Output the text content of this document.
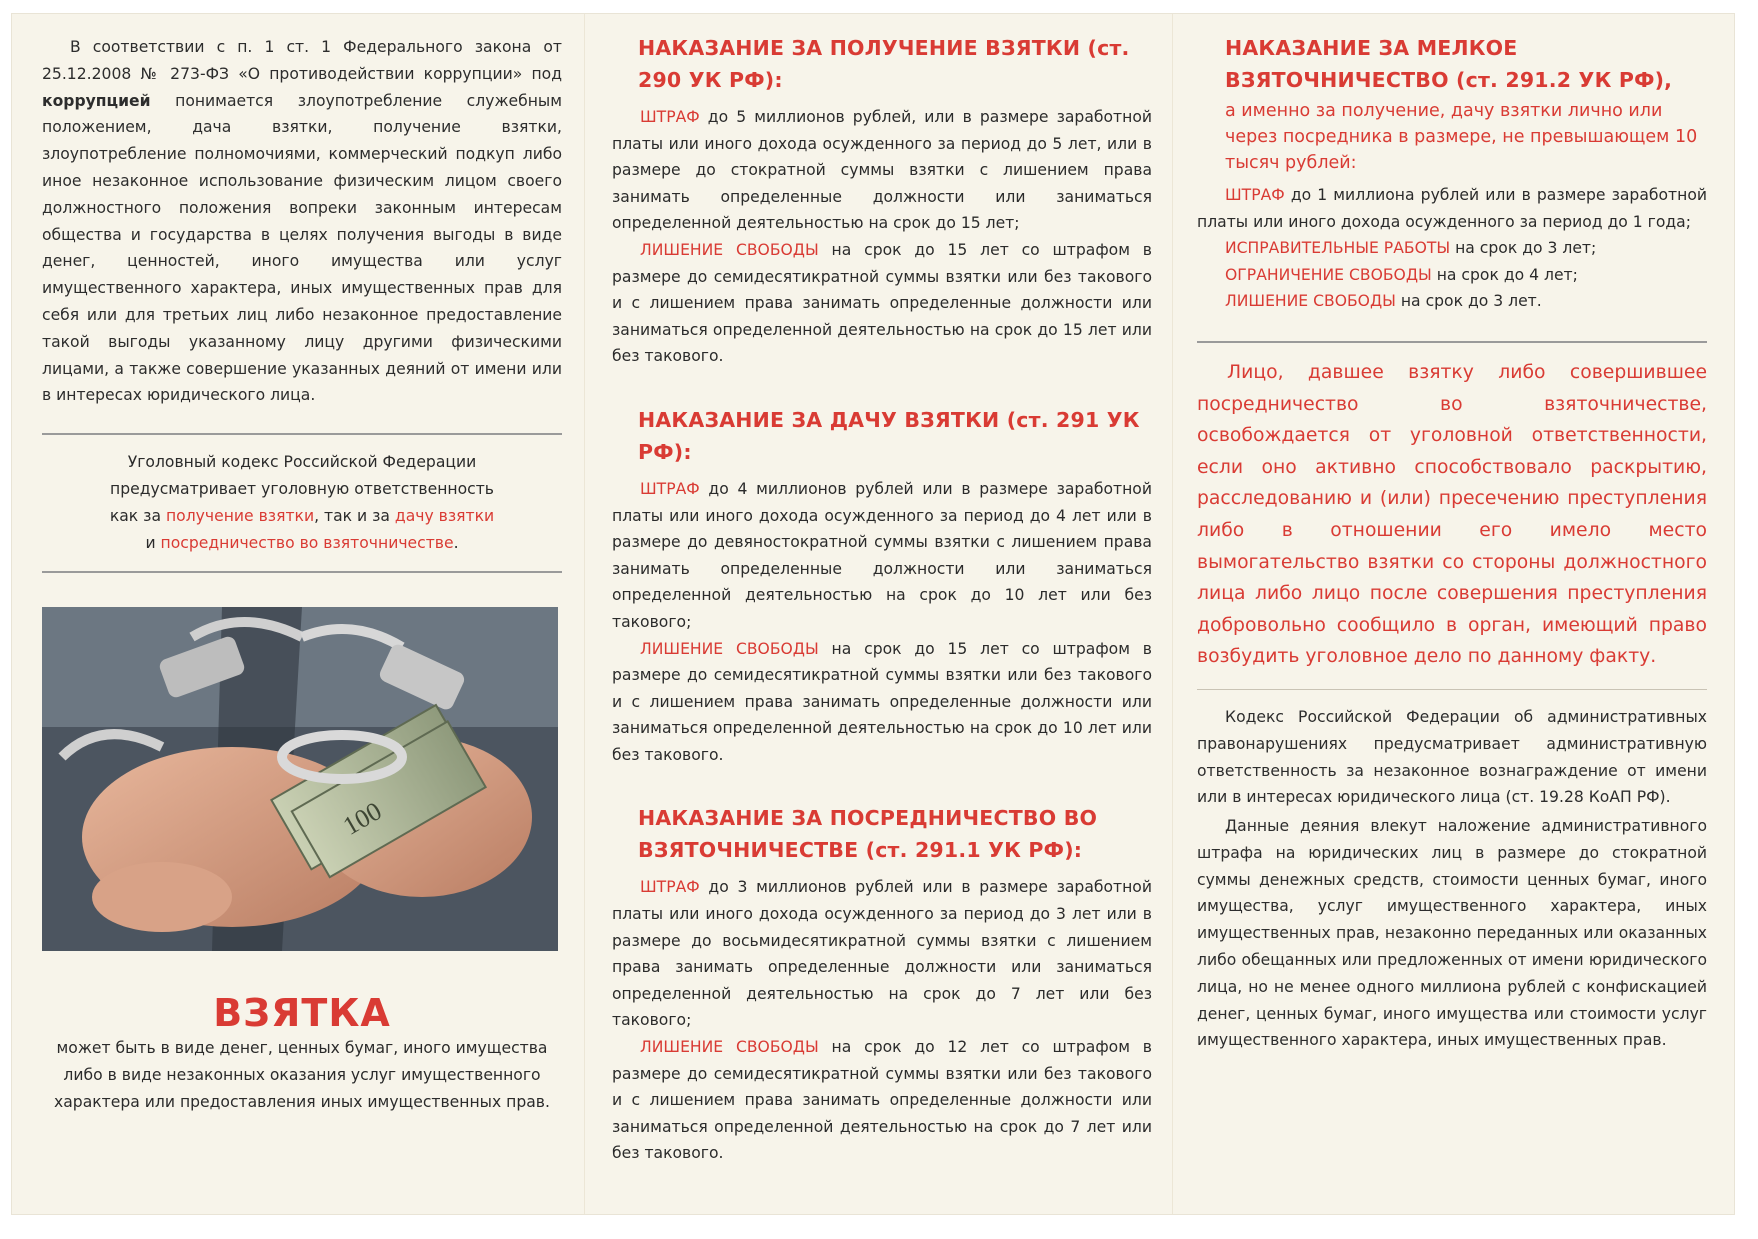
В соответствии с п. 1 ст. 1 Федерального закона от 25.12.2008 № 273-ФЗ «О противодействии коррупции» под коррупцией понимается злоупотребление служебным положением, дача взятки, получение взятки, злоупотребление полномочиями, коммерческий подкуп либо иное незаконное использование физическим лицом своего должностного положения вопреки законным интересам общества и государства в целях получения выгоды в виде денег, ценностей, иного имущества или услуг имущественного характера, иных имущественных прав для себя или для третьих лиц либо незаконное предоставление такой выгоды указанному лицу другими физическими лицами, а также совершение указанных деяний от имени или в интересах юридического лица.

Уголовный кодекс Российской Федерации

предусматривает уголовную ответственность

как за получение взятки, так и за дачу взятки

и посредничество во взяточничестве.

100

ВЗЯТКА

может быть в виде денег, ценных бумаг, иного имущества либо в виде незаконных оказания услуг имущественного характера или предоставления иных имущественных прав.

НАКАЗАНИЕ ЗА ПОЛУЧЕНИЕ ВЗЯТКИ (ст. 290 УК РФ):

ШТРАФ до 5 миллионов рублей, или в размере заработной платы или иного дохода осужденного за период до 5 лет, или в размере до стократной суммы взятки с лишением права занимать определенные должности или заниматься определенной деятельностью на срок до 15 лет;

ЛИШЕНИЕ СВОБОДЫ на срок до 15 лет со штрафом в размере до семидесятикратной суммы взятки или без такового и с лишением права занимать определенные должности или заниматься определенной деятельностью на срок до 15 лет или без такового.

НАКАЗАНИЕ ЗА ДАЧУ ВЗЯТКИ (ст. 291 УК РФ):

ШТРАФ до 4 миллионов рублей или в размере заработной платы или иного дохода осужденного за период до 4 лет или в размере до девяностократной суммы взятки с лишением права занимать определенные должности или заниматься определенной деятельностью на срок до 10 лет или без такового;

ЛИШЕНИЕ СВОБОДЫ на срок до 15 лет со штрафом в размере до семидесятикратной суммы взятки или без такового и с лишением права занимать определенные должности или заниматься определенной деятельностью на срок до 10 лет или без такового.

НАКАЗАНИЕ ЗА ПОСРЕДНИЧЕСТВО ВО ВЗЯТОЧНИЧЕСТВЕ (ст. 291.1 УК РФ):

ШТРАФ до 3 миллионов рублей или в размере заработной платы или иного дохода осужденного за период до 3 лет или в размере до восьмидесятикратной суммы взятки с лишением права занимать определенные должности или заниматься определенной деятельностью на срок до 7 лет или без такового;

ЛИШЕНИЕ СВОБОДЫ на срок до 12 лет со штрафом в размере до семидесятикратной суммы взятки или без такового и с лишением права занимать определенные должности или заниматься определенной деятельностью на срок до 7 лет или без такового.

НАКАЗАНИЕ ЗА МЕЛКОЕ ВЗЯТОЧНИЧЕСТВО (ст. 291.2 УК РФ),

а именно за получение, дачу взятки лично или через посредника в размере, не превышающем 10 тысяч рублей:

ШТРАФ до 1 миллиона рублей или в размере заработной платы или иного дохода осужденного за период до 1 года;

ИСПРАВИТЕЛЬНЫЕ РАБОТЫ на срок до 3 лет;

ОГРАНИЧЕНИЕ СВОБОДЫ на срок до 4 лет;

ЛИШЕНИЕ СВОБОДЫ на срок до 3 лет.

Лицо, давшее взятку либо совершившее посредничество во взяточничестве, освобождается от уголовной ответственности, если оно активно способствовало раскрытию, расследованию и (или) пресечению преступления либо в отношении его имело место вымогательство взятки со стороны должностного лица либо лицо после совершения преступления добровольно сообщило в орган, имеющий право возбудить уголовное дело по данному факту.

Кодекс Российской Федерации об административных правонарушениях предусматривает административную ответственность за незаконное вознаграждение от имени или в интересах юридического лица (ст. 19.28 КоАП РФ).

Данные деяния влекут наложение административного штрафа на юридических лиц в размере до стократной суммы денежных средств, стоимости ценных бумаг, иного имущества, услуг имущественного характера, иных имущественных прав, незаконно переданных или оказанных либо обещанных или предложенных от имени юридического лица, но не менее одного миллиона рублей с конфискацией денег, ценных бумаг, иного имущества или стоимости услуг имущественного характера, иных имущественных прав.
